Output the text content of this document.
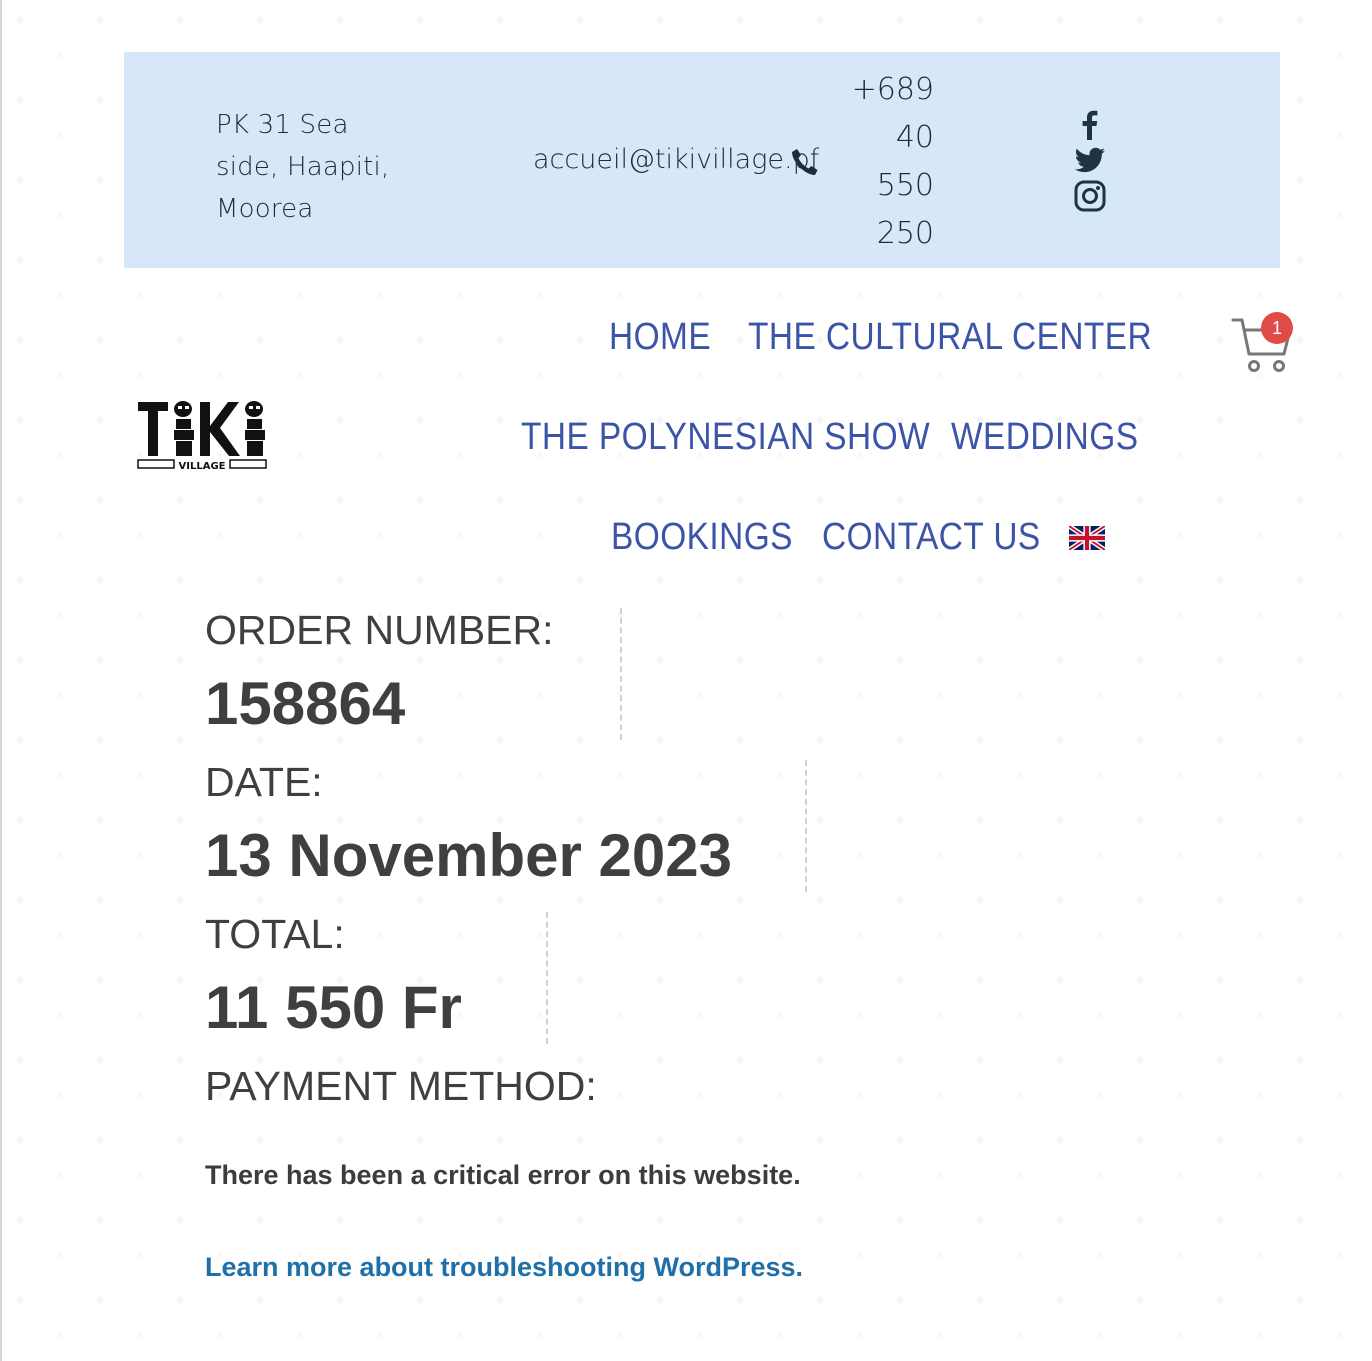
PK 31 Sea
side, Haapiti,
Moorea
accueil@tikivillage.pf
+689
40
550
250
VILLAGE
HOME THE CULTURAL CENTER
THE POLYNESIAN SHOW WEDDINGS
BOOKINGS CONTACT US
1
ORDER NUMBER:
158864
DATE:
13 November 2023
TOTAL:
11 550 Fr
PAYMENT METHOD:
There has been a critical error on this website.
Learn more about troubleshooting WordPress.
